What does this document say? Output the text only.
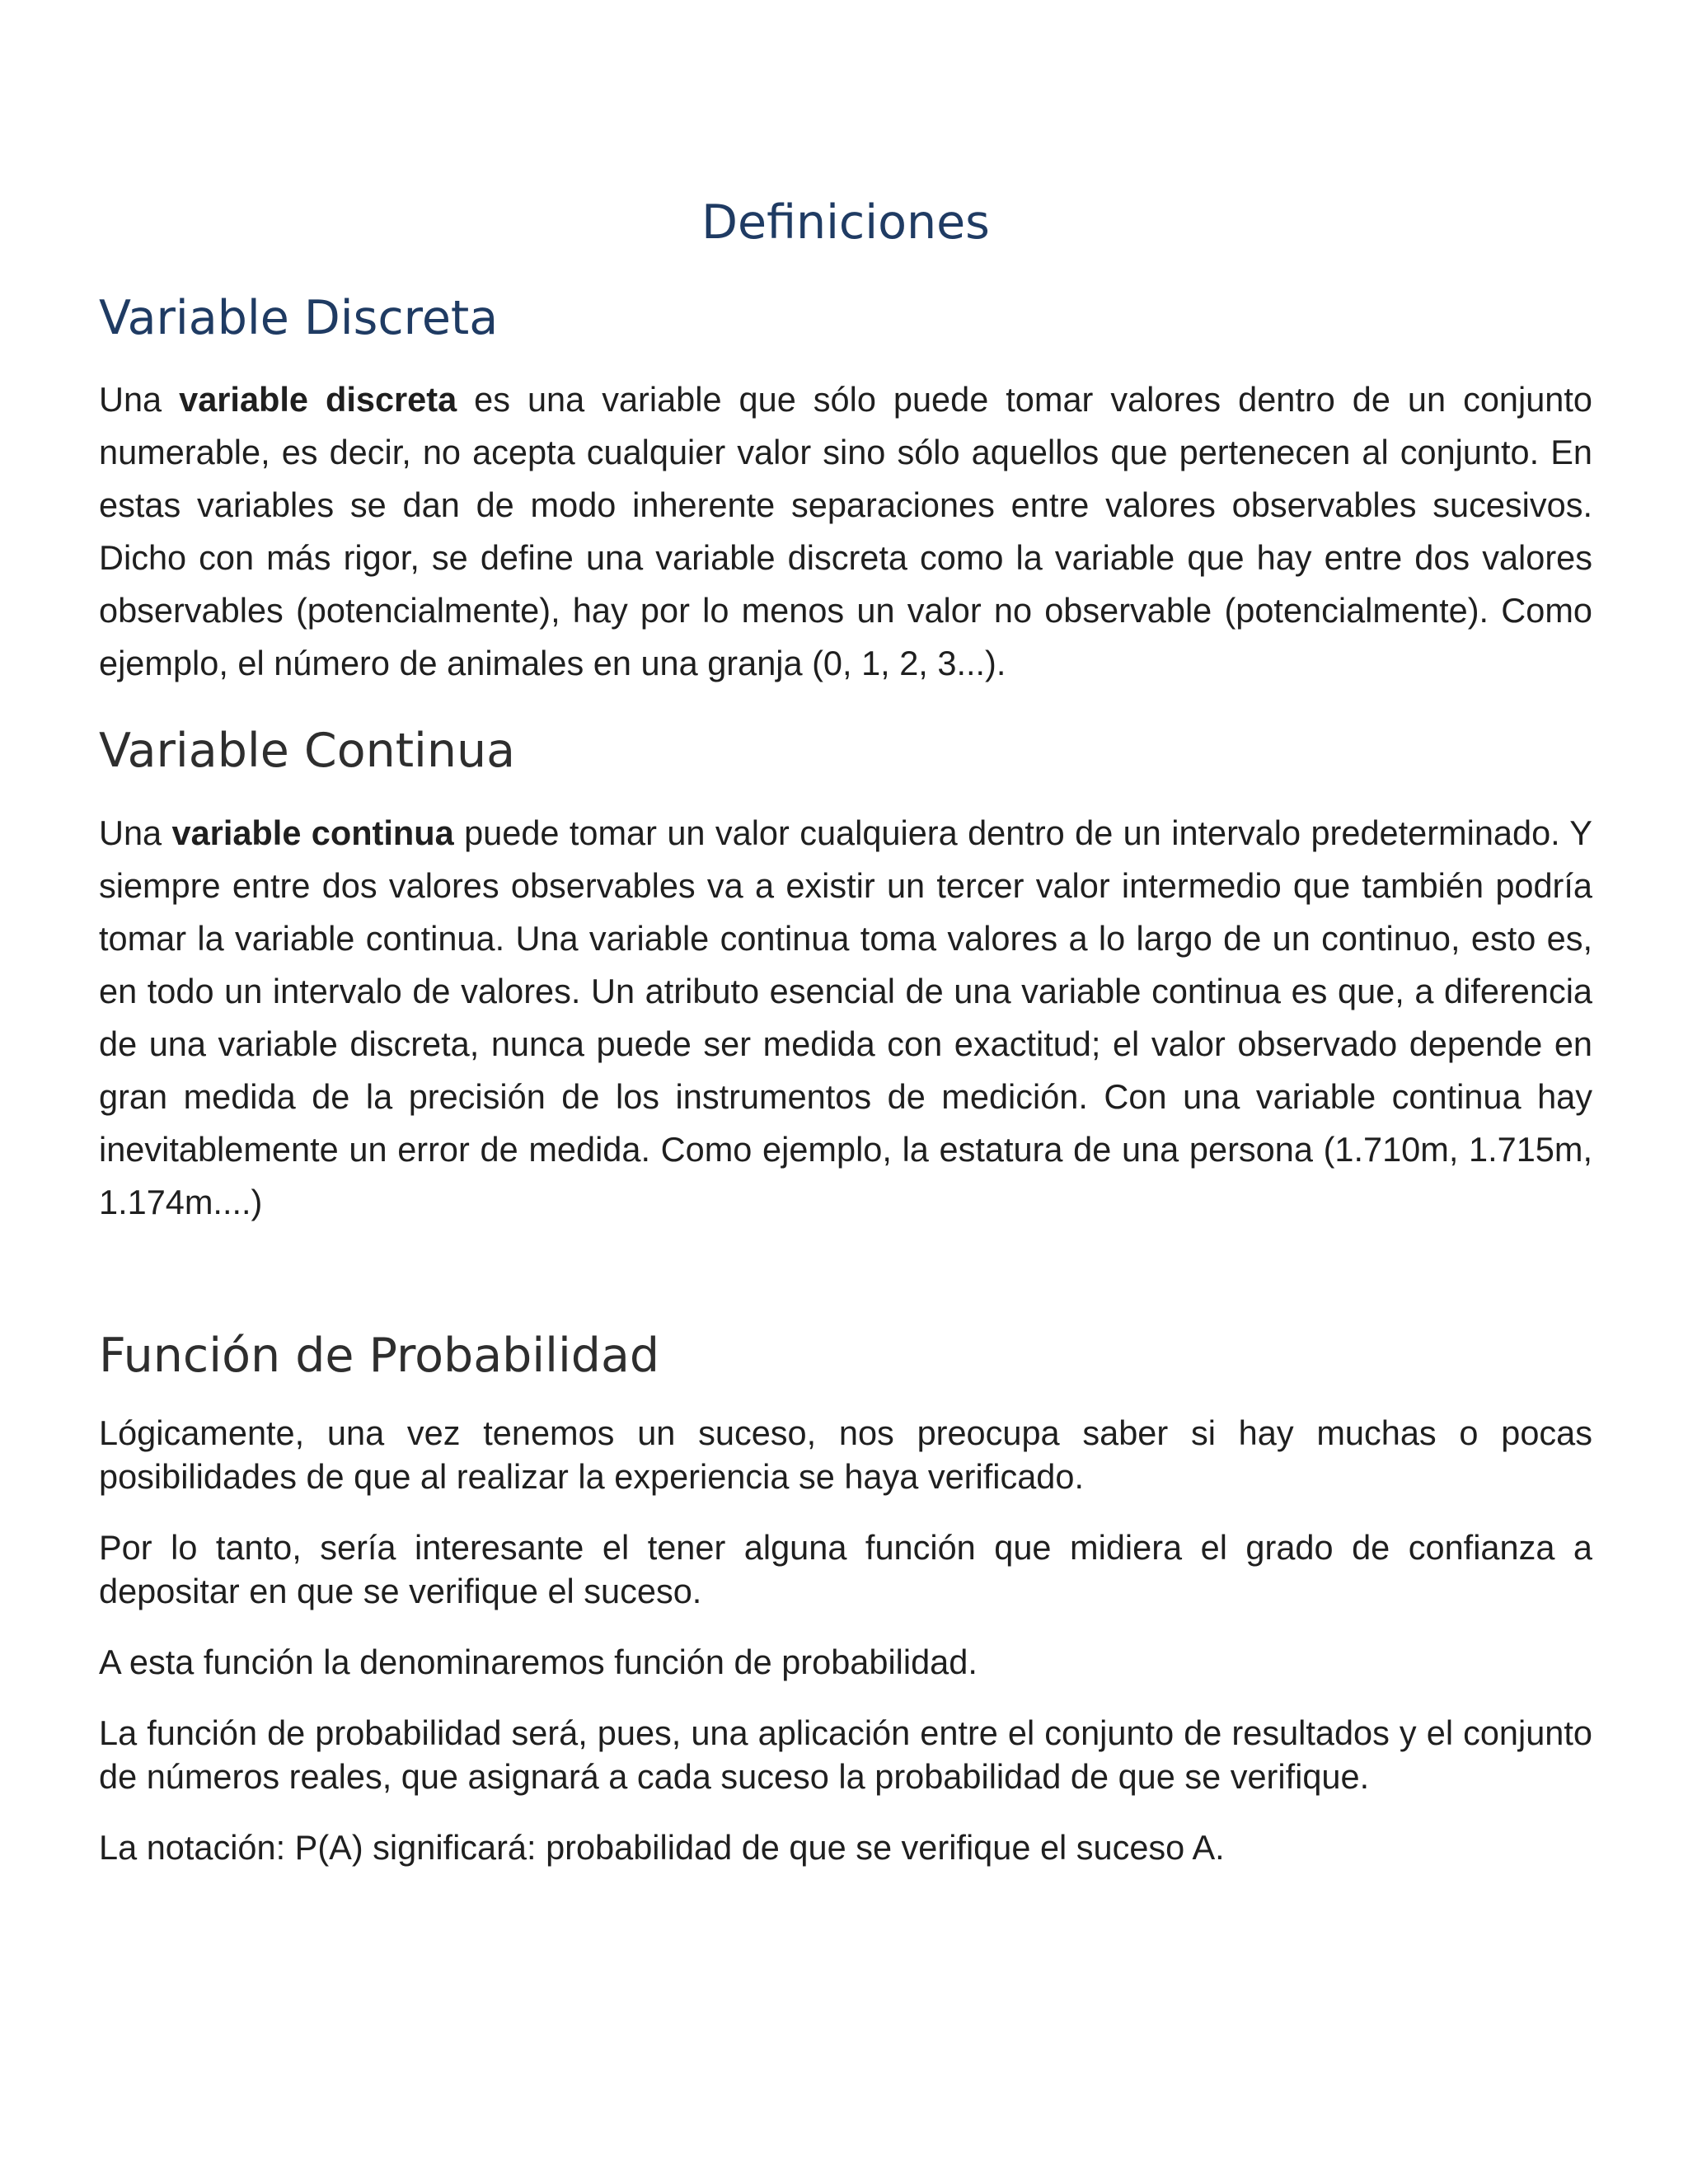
Definiciones
Variable Discreta

Una variable discreta es una variable que sólo puede tomar valores dentro de un conjunto numerable, es decir, no acepta cualquier valor sino sólo aquellos que pertenecen al conjunto. En estas variables se dan de modo inherente separaciones entre valores observables sucesivos. Dicho con más rigor, se define una variable discreta como la variable que hay entre dos valores observables (potencialmente), hay por lo menos un valor no observable (potencialmente). Como ejemplo, el número de animales en una granja (0, 1, 2, 3...).

Variable Continua

Una variable continua puede tomar un valor cualquiera dentro de un intervalo predeterminado. Y siempre entre dos valores observables va a existir un tercer valor intermedio que también podría tomar la variable continua. Una variable continua toma valores a lo largo de un continuo, esto es, en todo un intervalo de valores. Un atributo esencial de una variable continua es que, a diferencia de una variable discreta, nunca puede ser medida con exactitud; el valor observado depende en gran medida de la precisión de los instrumentos de medición. Con una variable continua hay inevitablemente un error de medida. Como ejemplo, la estatura de una persona (1.710m, 1.715m, 1.174m....)

Función de Probabilidad

Lógicamente, una vez tenemos un suceso, nos preocupa saber si hay muchas o pocas posibilidades de que al realizar la experiencia se haya verificado.

Por lo tanto, sería interesante el tener alguna función que midiera el grado de confianza a depositar en que se verifique el suceso.

A esta función la denominaremos función de probabilidad.

La función de probabilidad será, pues, una aplicación entre el conjunto de resultados y el conjunto de números reales, que asignará a cada suceso la probabilidad de que se verifique.

La notación: P(A) significará: probabilidad de que se verifique el suceso A.
